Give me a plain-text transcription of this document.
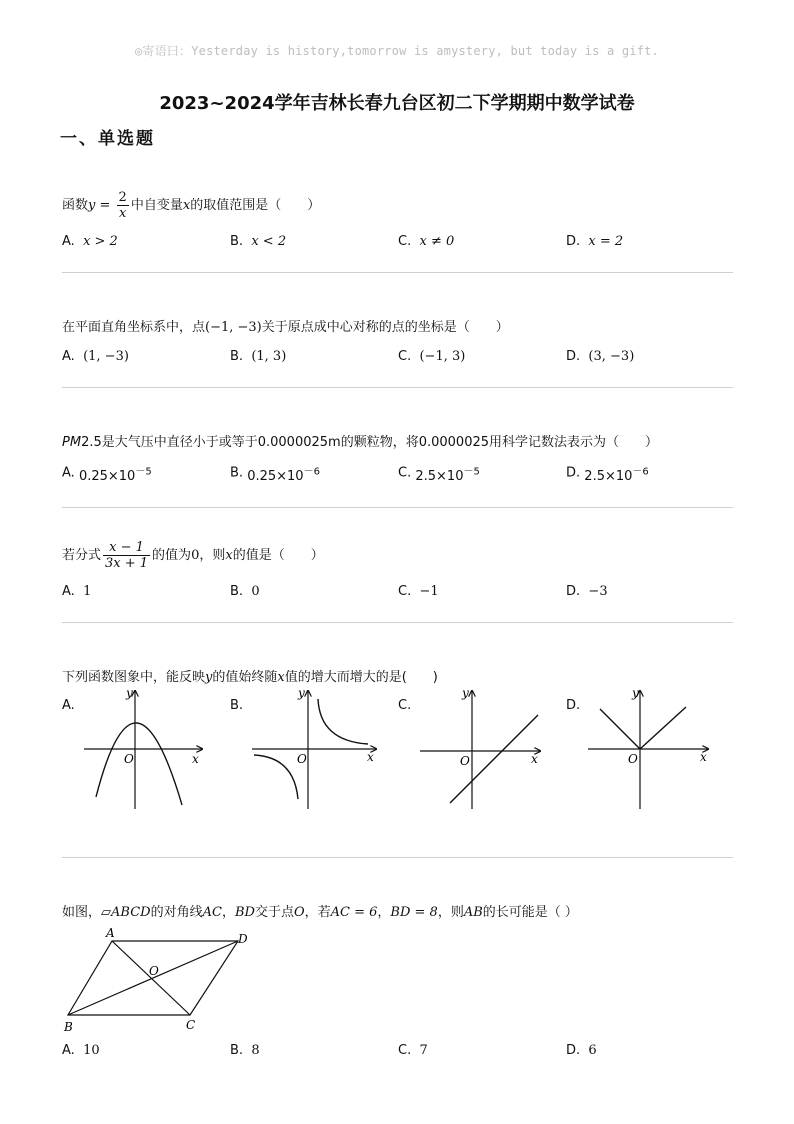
◎寄语曰：Yesterday is history,tomorrow is amystery, but today is a gift.
2023~2024学年吉林长春九台区初二下学期期中数学试卷
一、单选题
函数$y = \frac{2}{x}$ 中自变量x的取值范围是（　　）
A. x > 2	B. x < 2	C. x ≠ 0	D. x = 2
在平面直角坐标系中，点(−1, −3)关于原点成中心对称的点的坐标是（　　）
A. (1, −3)	B. (1, 3)	C. (−1, 3)	D. (3, −3)
PM2.5是大气压中直径小于或等于0.0000025m的颗粒物，将0.0000025用科学记数法表示为（　　）
A. $0.25\times 10^{-5}$	B. $0.25\times 10^{-6}$	C. $2.5\times 10^{-5}$	D. $2.5\times 10^{-6}$
若分式 $\frac{x - 1}{3x + 1}$ 的值为0，则x的值是（　　）
A. 1	B. 0	C. −1	D. −3
下列函数图象中，能反映y的值始终随x值的增大而增大的是(　　)
A.	B.	C.	D.
x
y
O	x
y
O	x
y
O	x
y
O
如图，▱ABCD的对角线AC，BD交于点O，若AC = 6，BD = 8，则AB的长可能是（ ）
A	D
B	C
O
A. 10	B. 8	C. 7	D. 6
